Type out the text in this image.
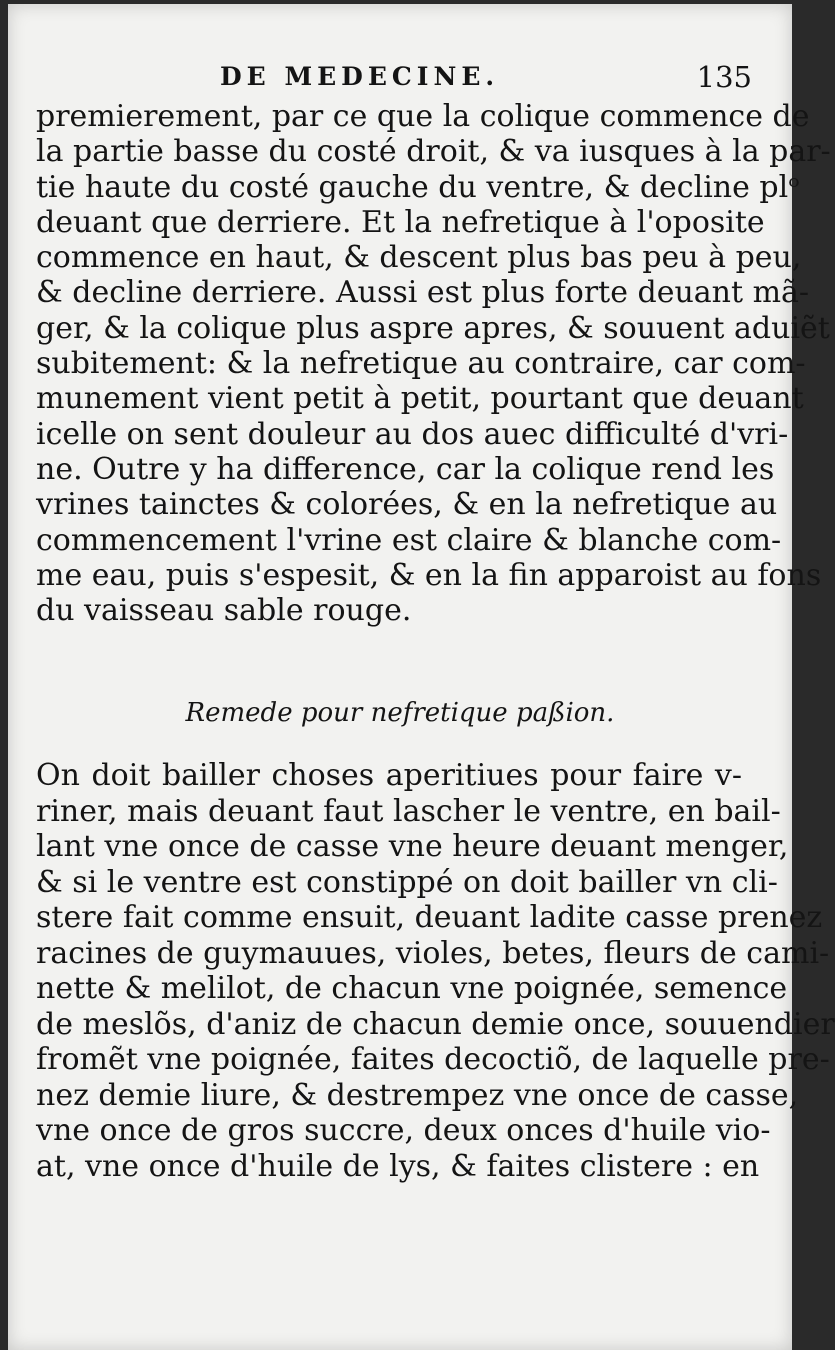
DE MEDECINE.	135
premierement, par ce que la colique commence de
la partie basse du costé droit, & va iusques à la par-
tie haute du costé gauche du ventre, & decline plᵒ
deuant que derriere. Et la nefretique à l'oposite
commence en haut, & descent plus bas peu à peu,
& decline derriere. Aussi est plus forte deuant mã-
ger, & la colique plus aspre apres, & souuent aduiẽt
subitement: & la nefretique au contraire, car com-
munement vient petit à petit, pourtant que deuant
icelle on sent douleur au dos auec difficulté d'vri-
ne. Outre y ha difference, car la colique rend les
vrines tainctes & colorées, & en la nefretique au
commencement l'vrine est claire & blanche com-
me eau, puis s'espesit, & en la fin apparoist au fons
du vaisseau sable rouge.
Remede pour nefretique paßion.
On doit bailler choses aperitiues pour faire v-
riner, mais deuant faut lascher le ventre, en bail-
lant vne once de casse vne heure deuant menger,
& si le ventre est constippé on doit bailler vn cli-
stere fait comme ensuit, deuant ladite casse prenez
racines de guymauues, violes, betes, fleurs de cami-
nette & melilot, de chacun vne poignée, semence
de meslõs, d'aniz de chacun demie once, souuendier
fromẽt vne poignée, faites decoctiõ, de laquelle pre-
nez demie liure, & destrempez vne once de casse,
vne once de gros succre, deux onces d'huile vio-
at, vne once d'huile de lys, & faites clistere : en
